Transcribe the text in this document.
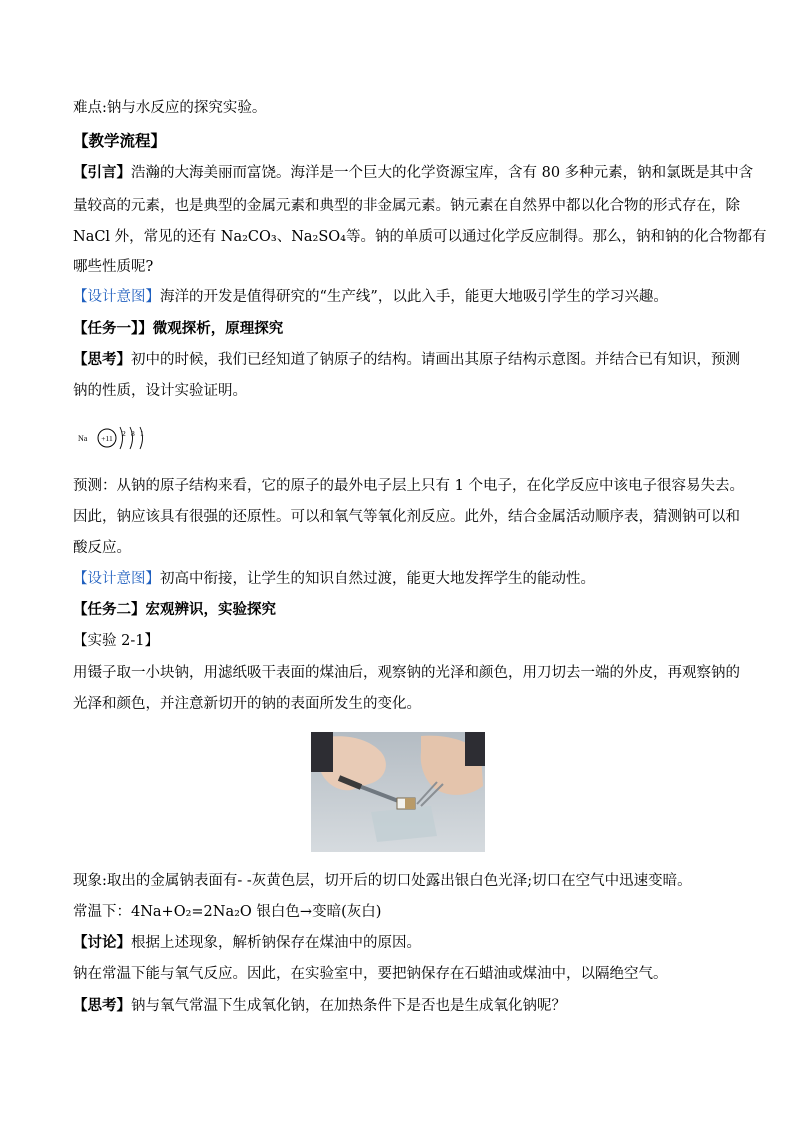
难点:钠与水反应的探究实验。
【教学流程】
【引言】浩瀚的大海美丽而富饶。海洋是一个巨大的化学资源宝库，含有 80 多种元素，钠和氯既是其中含
量较高的元素，也是典型的金属元素和典型的非金属元素。钠元素在自然界中都以化合物的形式存在，除
NaCl 外，常见的还有 Na₂CO₃、Na₂SO₄等。钠的单质可以通过化学反应制得。那么，钠和钠的化合物都有
哪些性质呢?
【设计意图】海洋的开发是值得研究的“生产线”，以此入手，能更大地吸引学生的学习兴趣。
【任务一】】微观探析，原理探究
【思考】初中的时候，我们已经知道了钠原子的结构。请画出其原子结构示意图。并结合已有知识，预测
钠的性质，设计实验证明。
Na +11
2 8 1
预测：从钠的原子结构来看，它的原子的最外电子层上只有 1 个电子，在化学反应中该电子很容易失去。
因此，钠应该具有很强的还原性。可以和氧气等氧化剂反应。此外，结合金属活动顺序表，猜测钠可以和
酸反应。
【设计意图】初高中衔接，让学生的知识自然过渡，能更大地发挥学生的能动性。
【任务二】宏观辨识，实验探究
【实验 2-1】
用镊子取一小块钠，用滤纸吸干表面的煤油后，观察钠的光泽和颜色，用刀切去一端的外皮，再观察钠的
光泽和颜色，并注意新切开的钠的表面所发生的变化。
现象:取出的金属钠表面有- -灰黄色层，切开后的切口处露出银白色光泽;切口在空气中迅速变暗。
常温下：4Na+O₂=2Na₂O 银白色→变暗(灰白)
【讨论】根据上述现象，解析钠保存在煤油中的原因。
钠在常温下能与氧气反应。因此，在实验室中，要把钠保存在石蜡油或煤油中，以隔绝空气。
【思考】钠与氧气常温下生成氧化钠，在加热条件下是否也是生成氧化钠呢？
